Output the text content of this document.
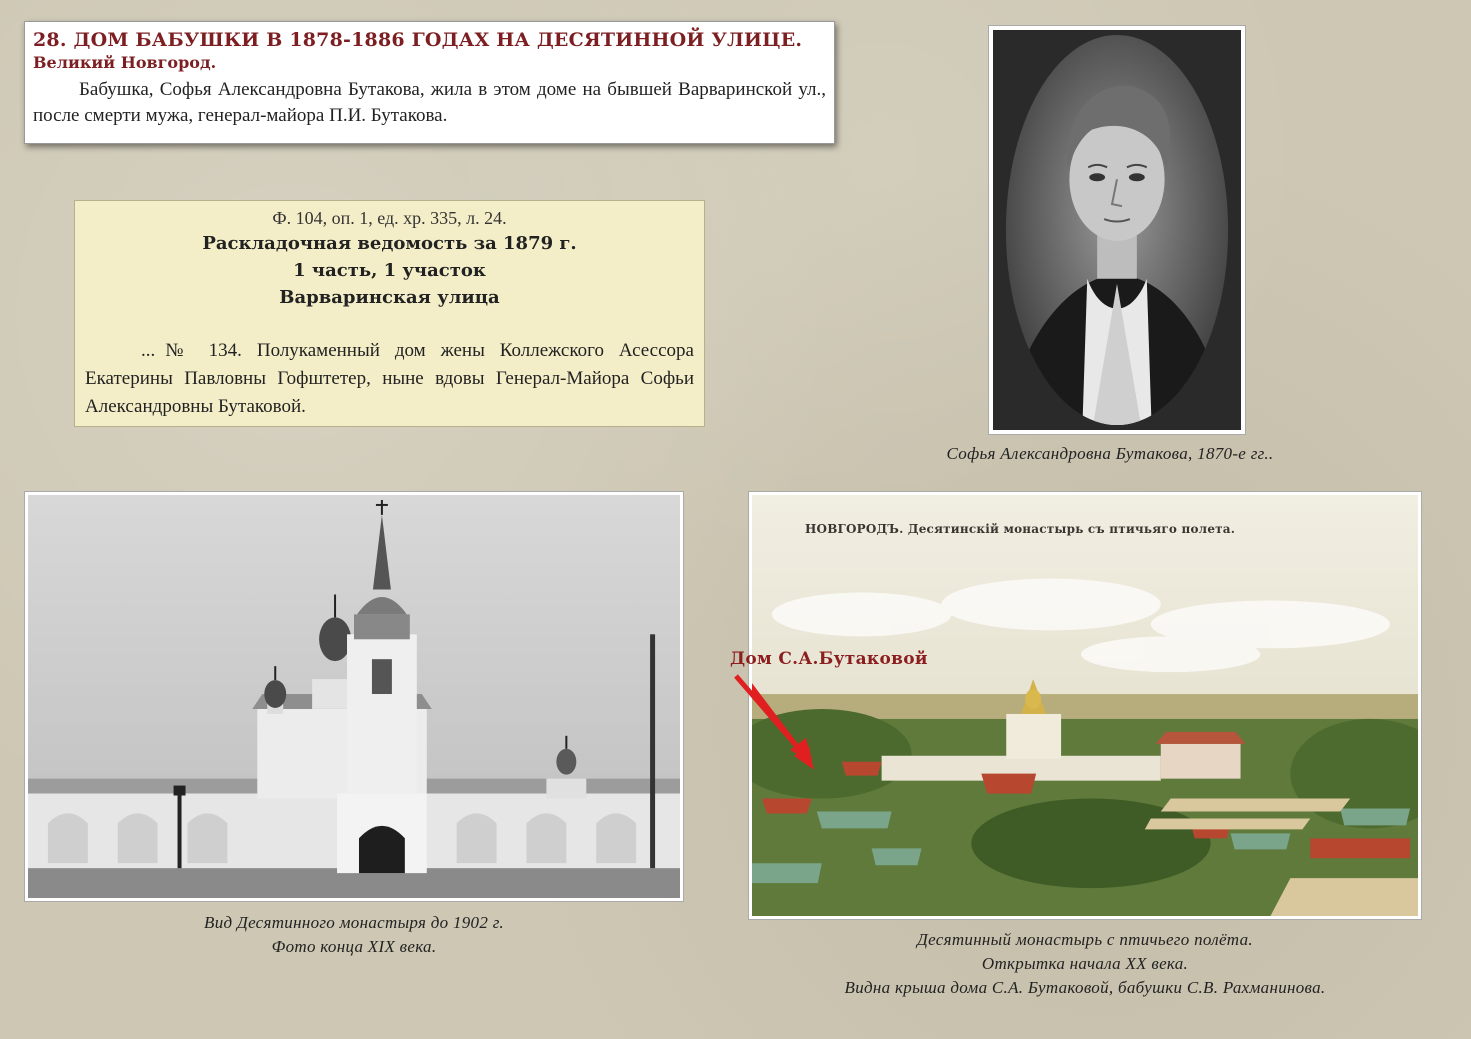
28. ДОМ БАБУШКИ В 1878-1886 ГОДАХ НА ДЕСЯТИННОЙ УЛИЦЕ.
Великий Новгород.
Бабушка, Софья Александровна Бутакова, жила в этом доме на бывшей Варваринской ул., после смерти мужа, генерал-майора П.И. Бутакова.
Ф. 104, оп. 1, ед. хр. 335, л. 24.
Раскладочная ведомость за 1879 г.
1 часть, 1 участок
Варваринская улица
...№ 134. Полукаменный дом жены Коллежского Асессора Екатерины Павловны Гофштетер, ныне вдовы Генерал-Майора Софьи Александровны Бутаковой.
Софья Александровна Бутакова, 1870-е гг..
Вид Десятинного монастыря до 1902 г.
Фото конца XIX века.
НОВГОРОДЪ. Десятинскiй монастырь съ птичьяго полета.
Дом С.А.Бутаковой
Десятинный монастырь с птичьего полёта.
Открытка начала XX века.
Видна крыша дома С.А. Бутаковой, бабушки С.В. Рахманинова.
